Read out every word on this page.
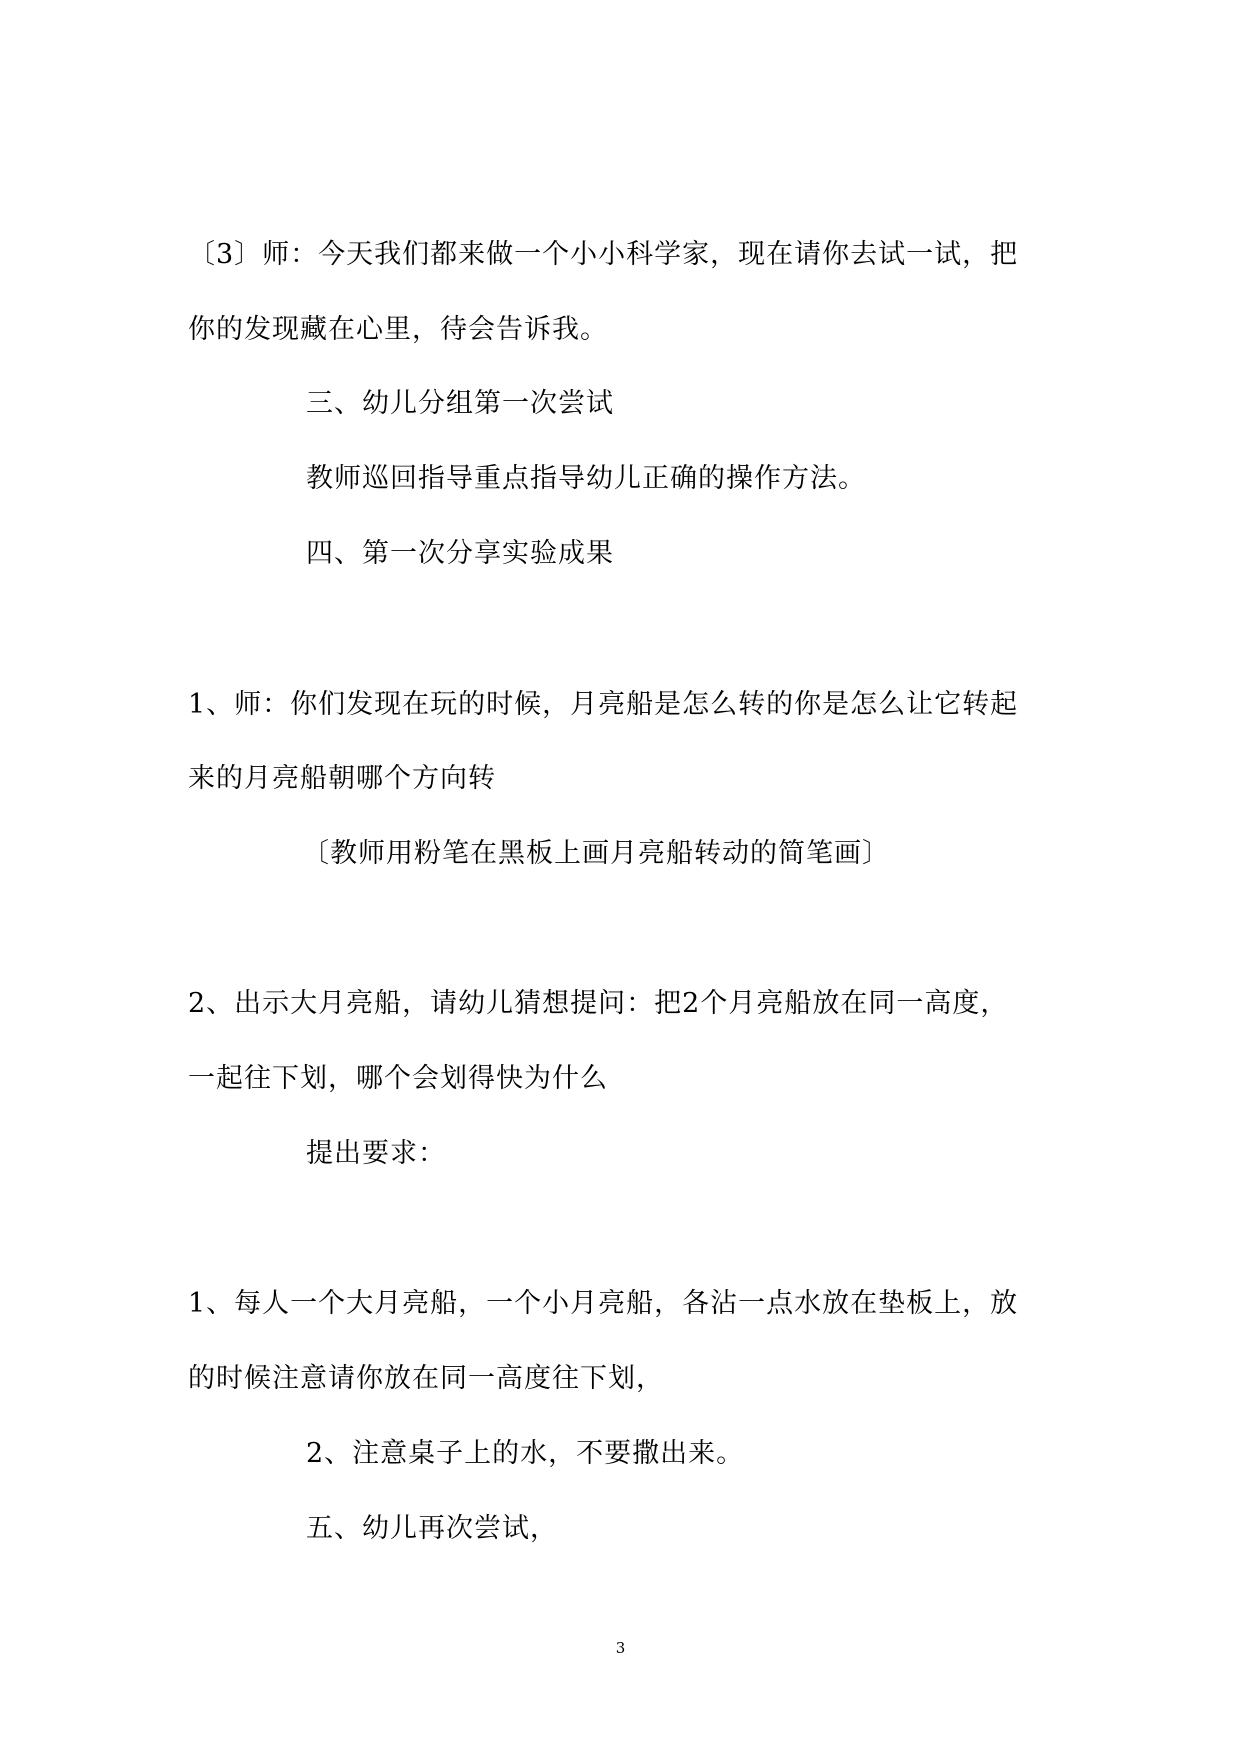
〔3〕师：今天我们都来做一个小小科学家，现在请你去试一试，把
你的发现藏在心里，待会告诉我。
三、幼儿分组第一次尝试
教师巡回指导重点指导幼儿正确的操作方法。
四、第一次分享实验成果
1、师：你们发现在玩的时候，月亮船是怎么转的你是怎么让它转起
来的月亮船朝哪个方向转
〔教师用粉笔在黑板上画月亮船转动的简笔画〕
2、出示大月亮船，请幼儿猜想提问：把2个月亮船放在同一高度，
一起往下划，哪个会划得快为什么
提出要求：
1、每人一个大月亮船，一个小月亮船，各沾一点水放在垫板上，放
的时候注意请你放在同一高度往下划，
2、注意桌子上的水，不要撒出来。
五、幼儿再次尝试，
3
